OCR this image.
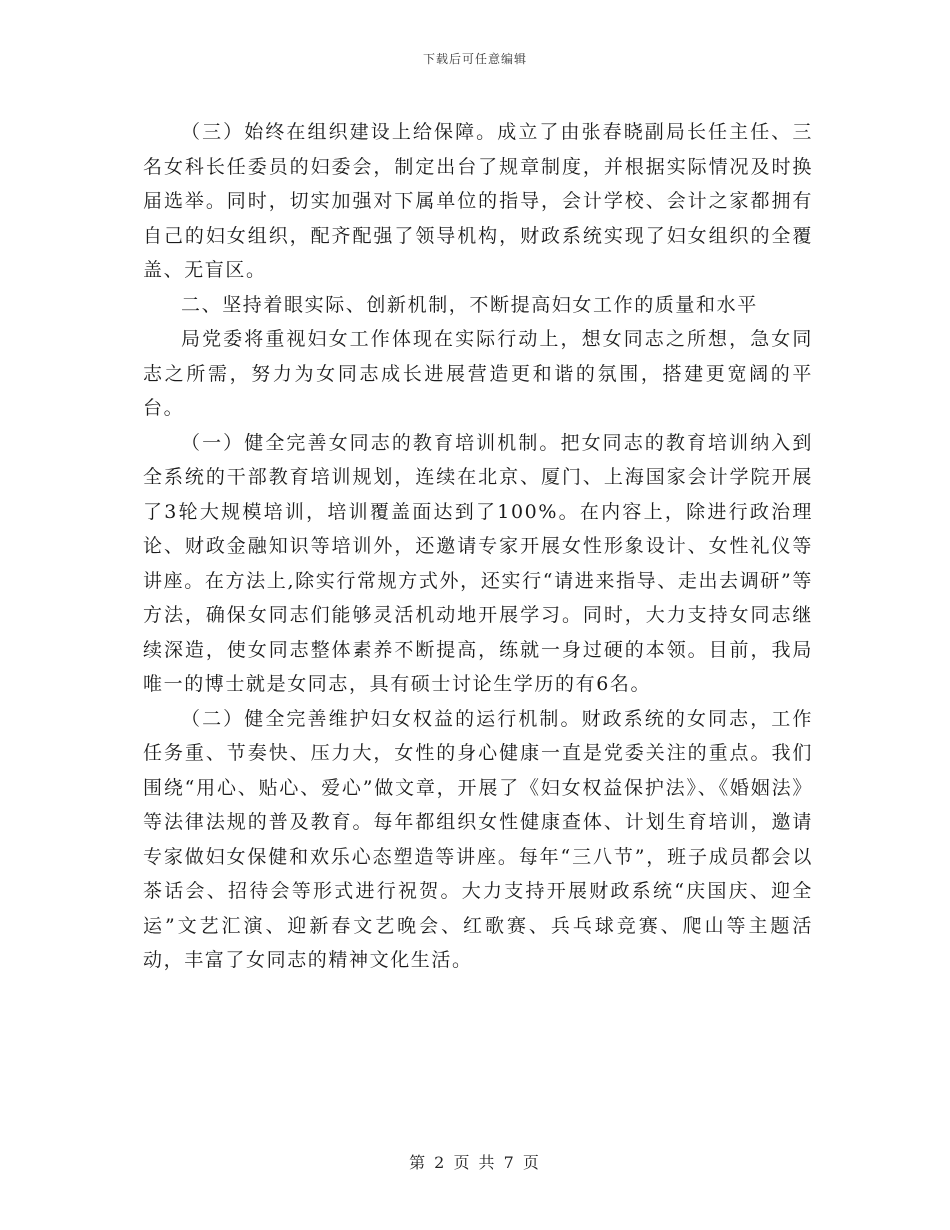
下载后可任意编辑

（三）始终在组织建设上给保障。成立了由张春晓副局长任主任、三名女科长任委员的妇委会，制定出台了规章制度，并根据实际情况及时换届选举。同时，切实加强对下属单位的指导，会计学校、会计之家都拥有自己的妇女组织，配齐配强了领导机构，财政系统实现了妇女组织的全覆盖、无盲区。

二、坚持着眼实际、创新机制，不断提高妇女工作的质量和水平

局党委将重视妇女工作体现在实际行动上，想女同志之所想，急女同志之所需，努力为女同志成长进展营造更和谐的氛围，搭建更宽阔的平台。

（一）健全完善女同志的教育培训机制。把女同志的教育培训纳入到全系统的干部教育培训规划，连续在北京、厦门、上海国家会计学院开展了3轮大规模培训，培训覆盖面达到了100%。在内容上，除进行政治理论、财政金融知识等培训外，还邀请专家开展女性形象设计、女性礼仪等讲座。在方法上,除实行常规方式外，还实行“请进来指导、走出去调研”等方法，确保女同志们能够灵活机动地开展学习。同时，大力支持女同志继续深造，使女同志整体素养不断提高，练就一身过硬的本领。目前，我局唯一的博士就是女同志，具有硕士讨论生学历的有6名。

（二）健全完善维护妇女权益的运行机制。财政系统的女同志，工作任务重、节奏快、压力大，女性的身心健康一直是党委关注的重点。我们围绕“用心、贴心、爱心”做文章，开展了《妇女权益保护法》、《婚姻法》等法律法规的普及教育。每年都组织女性健康查体、计划生育培训，邀请专家做妇女保健和欢乐心态塑造等讲座。每年“三八节”，班子成员都会以茶话会、招待会等形式进行祝贺。大力支持开展财政系统“庆国庆、迎全运”文艺汇演、迎新春文艺晚会、红歌赛、兵乓球竞赛、爬山等主题活动，丰富了女同志的精神文化生活。

第 2 页 共 7 页
